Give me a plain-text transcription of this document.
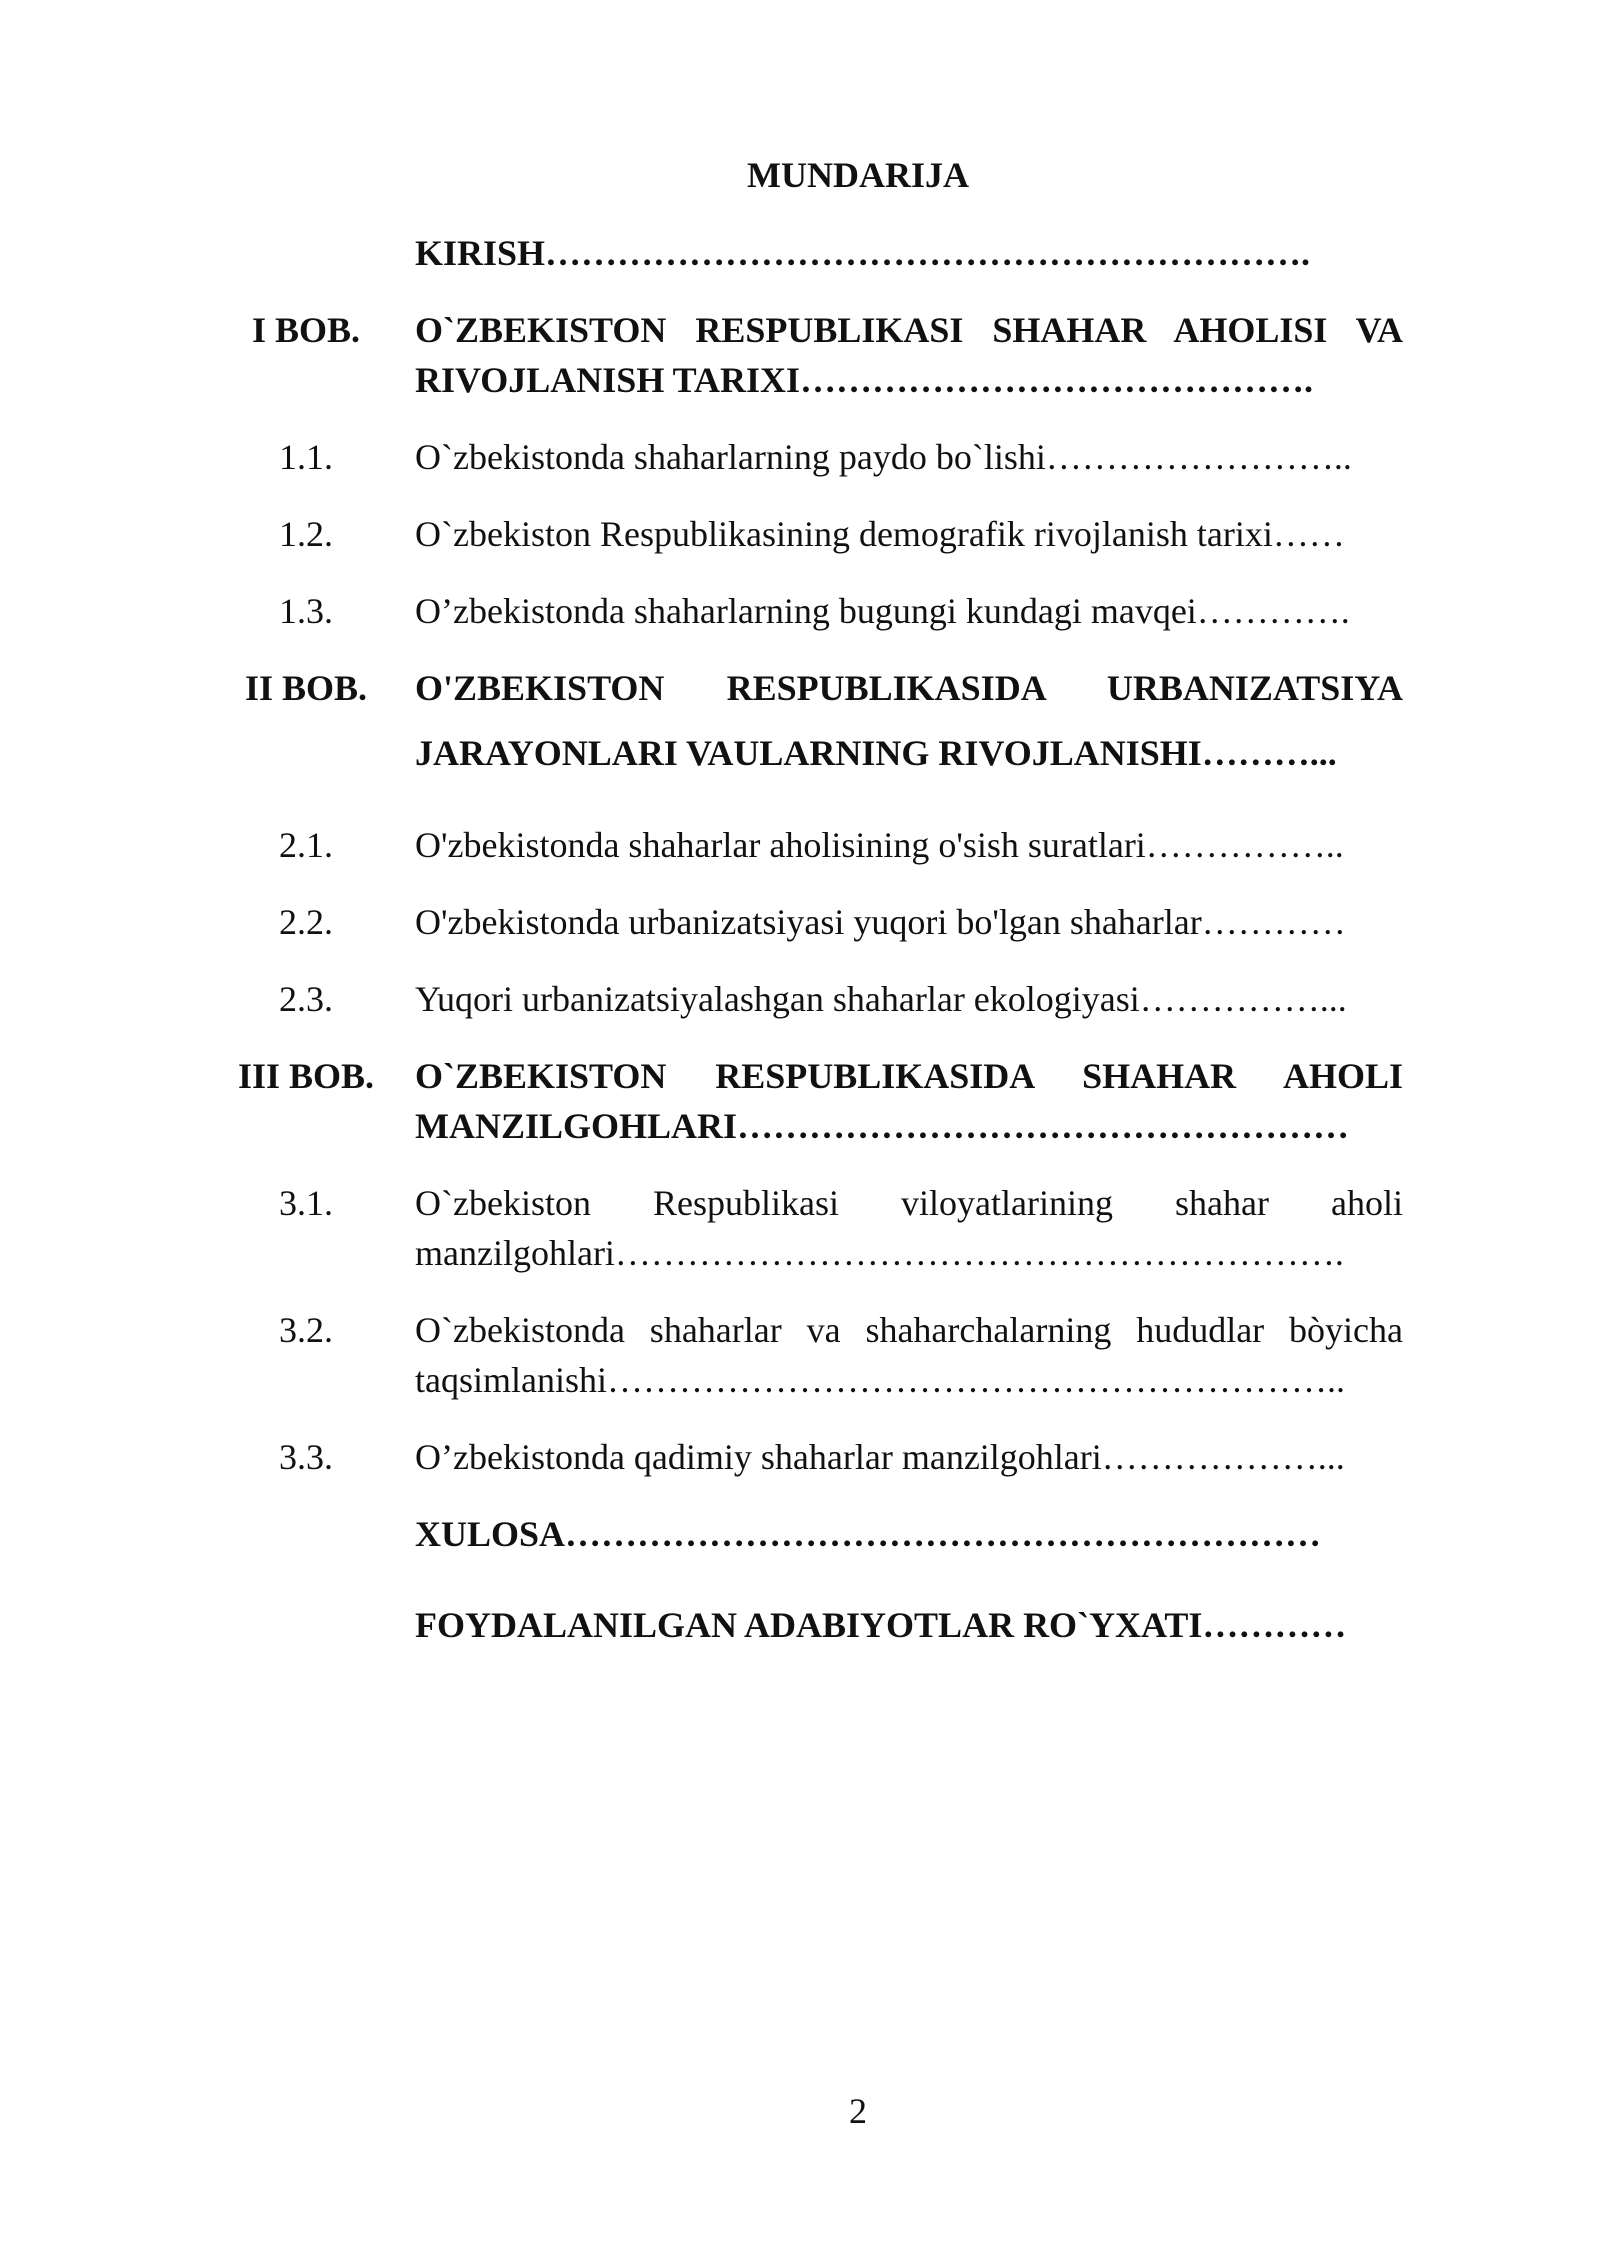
MUNDARIJA
KIRISH……………………………………………………….
I BOB.	O`ZBEKISTON RESPUBLIKASI SHAHAR AHOLISI VA
RIVOJLANISH TARIXI…………………………………….
1.1.	O`zbekistonda shaharlarning paydo bo`lishi……………………..
1.2.	O`zbekiston Respublikasining demografik rivojlanish tarixi……
1.3.	O’zbekistonda shaharlarning bugungi kundagi mavqei………….
II BOB.	O'ZBEKISTON RESPUBLIKASIDA URBANIZATSIYA
JARAYONLARI VAULARNING RIVOJLANISHI………...
2.1.	O'zbekistonda shaharlar aholisining o'sish suratlari……………..
2.2.	O'zbekistonda urbanizatsiyasi yuqori bo'lgan shaharlar…………
2.3.	Yuqori urbanizatsiyalashgan shaharlar ekologiyasi……………...
III BOB.	O`ZBEKISTON RESPUBLIKASIDA SHAHAR AHOLI
MANZILGOHLARI……………………………………………
3.1.	O`zbekiston Respublikasi viloyatlarining shahar aholi
manzilgohlari…………………………………………………….
3.2.	O`zbekistonda shaharlar va shaharchalarning hududlar bòyicha
taqsimlanishi……………………………………………………..
3.3.	O’zbekistonda qadimiy shaharlar manzilgohlari………………...
XULOSA………………………………………………………
FOYDALANILGAN ADABIYOTLAR RO`YXATI…………
2
